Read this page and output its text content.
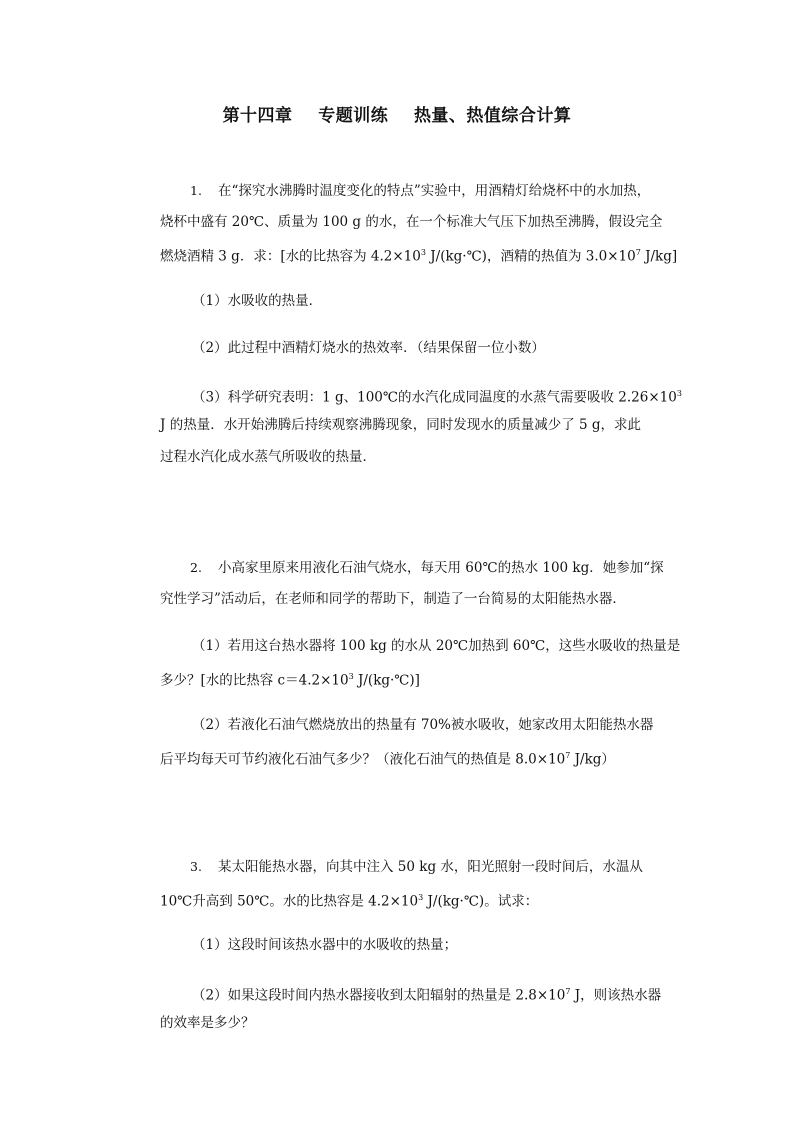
第十四章 专题训练 热量、热值综合计算
1. 在“探究水沸腾时温度变化的特点”实验中，用酒精灯给烧杯中的水加热，
烧杯中盛有 20℃、质量为 100 g 的水，在一个标准大气压下加热至沸腾，假设完全
燃烧酒精 3 g．求：[水的比热容为 $4.2\times 10^3$ J/(kg·℃)，酒精的热值为 $3.0\times 10^7$ J/kg]
（1）水吸收的热量．
（2）此过程中酒精灯烧水的热效率．（结果保留一位小数）
（3）科学研究表明：1 g、100℃的水汽化成同温度的水蒸气需要吸收 $2.26\times 10^3$
J 的热量．水开始沸腾后持续观察沸腾现象，同时发现水的质量减少了 5 g，求此
过程水汽化成水蒸气所吸收的热量．
2. 小高家里原来用液化石油气烧水，每天用 60℃的热水 100 kg．她参加“探
究性学习”活动后，在老师和同学的帮助下，制造了一台简易的太阳能热水器．
（1）若用这台热水器将 100 kg 的水从 20℃加热到 60℃，这些水吸收的热量是
多少？[水的比热容 $c=4.2\times 10^3$ J/(kg·℃)]
（2）若液化石油气燃烧放出的热量有 70%被水吸收，她家改用太阳能热水器
后平均每天可节约液化石油气多少？（液化石油气的热值是 $8.0\times 10^7$ J/kg）
3. 某太阳能热水器，向其中注入 50 kg 水，阳光照射一段时间后，水温从
10℃升高到 50℃。水的比热容是 $4.2\times 10^3$ J/(kg·℃)。试求：
（1）这段时间该热水器中的水吸收的热量；
（2）如果这段时间内热水器接收到太阳辐射的热量是 $2.8\times 10^7$ J，则该热水器
的效率是多少？
